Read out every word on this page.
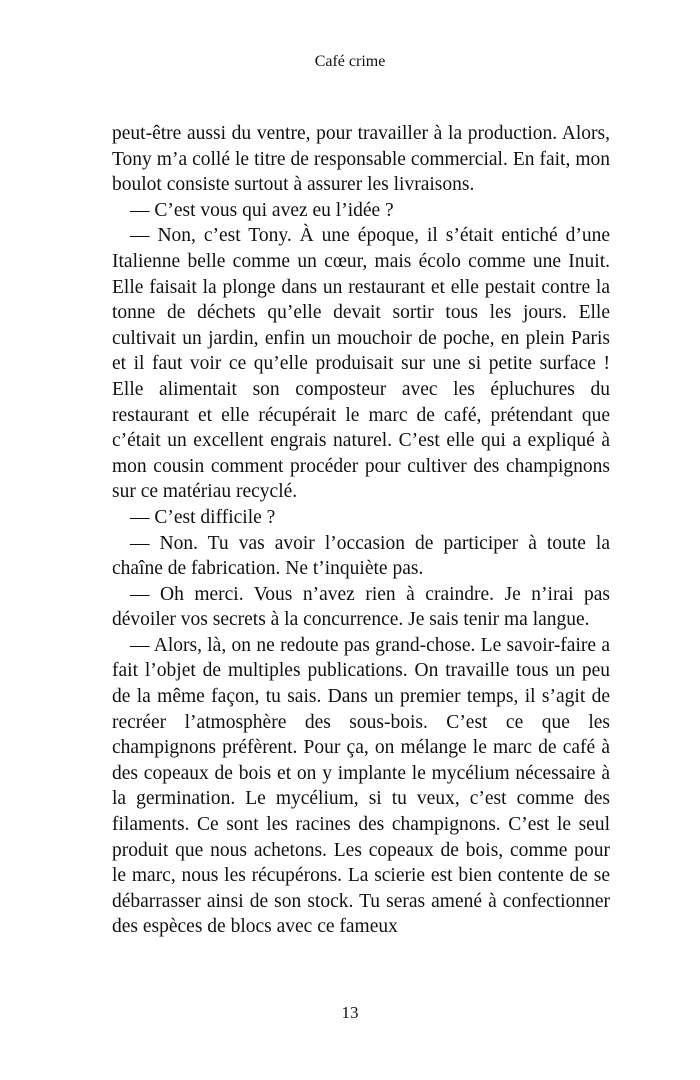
Café crime

peut-être aussi du ventre, pour travailler à la production. Alors, Tony m’a collé le titre de responsable commercial. En fait, mon boulot consiste surtout à assurer les livraisons.

— C’est vous qui avez eu l’idée ?

— Non, c’est Tony. À une époque, il s’était entiché d’une Italienne belle comme un cœur, mais écolo comme une Inuit. Elle faisait la plonge dans un restaurant et elle pestait contre la tonne de déchets qu’elle devait sortir tous les jours. Elle cultivait un jardin, enfin un mouchoir de poche, en plein Paris et il faut voir ce qu’elle produisait sur une si petite surface ! Elle alimentait son composteur avec les épluchures du restaurant et elle récupérait le marc de café, prétendant que c’était un excellent engrais naturel. C’est elle qui a expliqué à mon cousin comment procéder pour cultiver des champignons sur ce matériau recyclé.

— C’est difficile ?

— Non. Tu vas avoir l’occasion de participer à toute la chaîne de fabrication. Ne t’inquiète pas.

— Oh merci. Vous n’avez rien à craindre. Je n’irai pas dévoiler vos secrets à la concurrence. Je sais tenir ma langue.

— Alors, là, on ne redoute pas grand-chose. Le savoir-faire a fait l’objet de multiples publications. On travaille tous un peu de la même façon, tu sais. Dans un premier temps, il s’agit de recréer l’atmosphère des sous-bois. C’est ce que les champignons préfèrent. Pour ça, on mélange le marc de café à des copeaux de bois et on y implante le mycélium nécessaire à la germination. Le mycélium, si tu veux, c’est comme des filaments. Ce sont les racines des champignons. C’est le seul produit que nous achetons. Les copeaux de bois, comme pour le marc, nous les récupérons. La scierie est bien contente de se débarrasser ainsi de son stock. Tu seras amené à confectionner des espèces de blocs avec ce fameux

13
